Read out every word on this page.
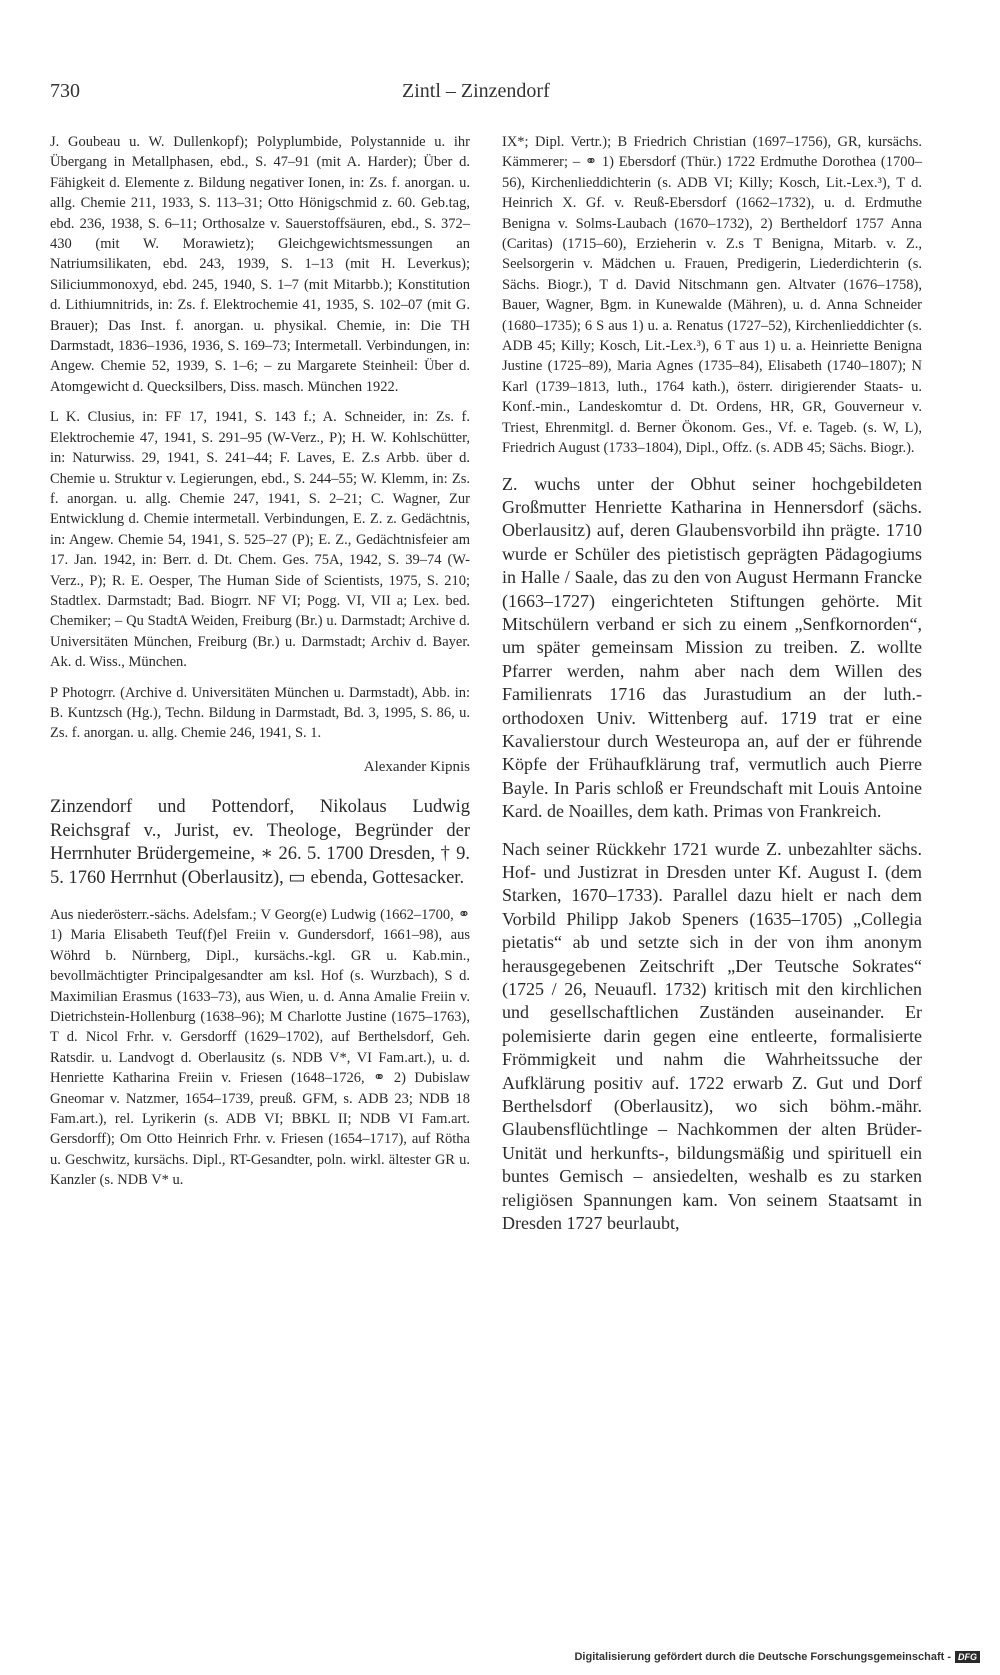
730	Zintl – Zinzendorf

J. Goubeau u. W. Dullenkopf); Polyplumbide, Polystannide u. ihr Übergang in Metallphasen, ebd., S. 47–91 (mit A. Harder); Über d. Fähigkeit d. Elemente z. Bildung negativer Ionen, in: Zs. f. anorgan. u. allg. Chemie 211, 1933, S. 113–31; Otto Hönigschmid z. 60. Geb.tag, ebd. 236, 1938, S. 6–11; Orthosalze v. Sauerstoffsäuren, ebd., S. 372–430 (mit W. Morawietz); Gleichgewichtsmessungen an Natriumsilikaten, ebd. 243, 1939, S. 1–13 (mit H. Leverkus); Siliciummonoxyd, ebd. 245, 1940, S. 1–7 (mit Mitarbb.); Konstitution d. Lithiumnitrids, in: Zs. f. Elektrochemie 41, 1935, S. 102–07 (mit G. Brauer); Das Inst. f. anorgan. u. physikal. Chemie, in: Die TH Darmstadt, 1836–1936, 1936, S. 169–73; Intermetall. Verbindungen, in: Angew. Chemie 52, 1939, S. 1–6; – zu Margarete Steinheil: Über d. Atomgewicht d. Quecksilbers, Diss. masch. München 1922.

L K. Clusius, in: FF 17, 1941, S. 143 f.; A. Schneider, in: Zs. f. Elektrochemie 47, 1941, S. 291–95 (W-Verz., P); H. W. Kohlschütter, in: Naturwiss. 29, 1941, S. 241–44; F. Laves, E. Z.s Arbb. über d. Chemie u. Struktur v. Legierungen, ebd., S. 244–55; W. Klemm, in: Zs. f. anorgan. u. allg. Chemie 247, 1941, S. 2–21; C. Wagner, Zur Entwicklung d. Chemie intermetall. Verbindungen, E. Z. z. Gedächtnis, in: Angew. Chemie 54, 1941, S. 525–27 (P); E. Z., Gedächtnisfeier am 17. Jan. 1942, in: Berr. d. Dt. Chem. Ges. 75A, 1942, S. 39–74 (W-Verz., P); R. E. Oesper, The Human Side of Scientists, 1975, S. 210; Stadtlex. Darmstadt; Bad. Biogrr. NF VI; Pogg. VI, VII a; Lex. bed. Chemiker; – Qu StadtA Weiden, Freiburg (Br.) u. Darmstadt; Archive d. Universitäten München, Freiburg (Br.) u. Darmstadt; Archiv d. Bayer. Ak. d. Wiss., München.

P Photogrr. (Archive d. Universitäten München u. Darmstadt), Abb. in: B. Kuntzsch (Hg.), Techn. Bildung in Darmstadt, Bd. 3, 1995, S. 86, u. Zs. f. anorgan. u. allg. Chemie 246, 1941, S. 1.

Alexander Kipnis

Zinzendorf und Pottendorf, Nikolaus Ludwig Reichsgraf v., Jurist, ev. Theologe, Begründer der Herrnhuter Brüdergemeine, ∗ 26. 5. 1700 Dresden, † 9. 5. 1760 Herrnhut (Oberlausitz), ▭ ebenda, Gottesacker.

Aus niederösterr.-sächs. Adelsfam.; V Georg(e) Ludwig (1662–1700, ⚭ 1) Maria Elisabeth Teuf(f)el Freiin v. Gundersdorf, 1661–98), aus Wöhrd b. Nürnberg, Dipl., kursächs.-kgl. GR u. Kab.min., bevollmächtigter Principalgesandter am ksl. Hof (s. Wurzbach), S d. Maximilian Erasmus (1633–73), aus Wien, u. d. Anna Amalie Freiin v. Dietrichstein-Hollenburg (1638–96); M Charlotte Justine (1675–1763), T d. Nicol Frhr. v. Gersdorff (1629–1702), auf Berthelsdorf, Geh. Ratsdir. u. Landvogt d. Oberlausitz (s. NDB V*, VI Fam.art.), u. d. Henriette Katharina Freiin v. Friesen (1648–1726, ⚭ 2) Dubislaw Gneomar v. Natzmer, 1654–1739, preuß. GFM, s. ADB 23; NDB 18 Fam.art.), rel. Lyrikerin (s. ADB VI; BBKL II; NDB VI Fam.art. Gersdorff); Om Otto Heinrich Frhr. v. Friesen (1654–1717), auf Rötha u. Geschwitz, kursächs. Dipl., RT-Gesandter, poln. wirkl. ältester GR u. Kanzler (s. NDB V* u.

IX*; Dipl. Vertr.); B Friedrich Christian (1697–1756), GR, kursächs. Kämmerer; – ⚭ 1) Ebersdorf (Thür.) 1722 Erdmuthe Dorothea (1700–56), Kirchenlieddichterin (s. ADB VI; Killy; Kosch, Lit.-Lex.³), T d. Heinrich X. Gf. v. Reuß-Ebersdorf (1662–1732), u. d. Erdmuthe Benigna v. Solms-Laubach (1670–1732), 2) Bertheldorf 1757 Anna (Caritas) (1715–60), Erzieherin v. Z.s T Benigna, Mitarb. v. Z., Seelsorgerin v. Mädchen u. Frauen, Predigerin, Liederdichterin (s. Sächs. Biogr.), T d. David Nitschmann gen. Altvater (1676–1758), Bauer, Wagner, Bgm. in Kunewalde (Mähren), u. d. Anna Schneider (1680–1735); 6 S aus 1) u. a. Renatus (1727–52), Kirchenlieddichter (s. ADB 45; Killy; Kosch, Lit.-Lex.³), 6 T aus 1) u. a. Heinriette Benigna Justine (1725–89), Maria Agnes (1735–84), Elisabeth (1740–1807); N Karl (1739–1813, luth., 1764 kath.), österr. dirigierender Staats- u. Konf.-min., Landeskomtur d. Dt. Ordens, HR, GR, Gouverneur v. Triest, Ehrenmitgl. d. Berner Ökonom. Ges., Vf. e. Tageb. (s. W, L), Friedrich August (1733–1804), Dipl., Offz. (s. ADB 45; Sächs. Biogr.).

Z. wuchs unter der Obhut seiner hochgebildeten Großmutter Henriette Katharina in Hennersdorf (sächs. Oberlausitz) auf, deren Glaubensvorbild ihn prägte. 1710 wurde er Schüler des pietistisch geprägten Pädagogiums in Halle / Saale, das zu den von August Hermann Francke (1663–1727) eingerichteten Stiftungen gehörte. Mit Mitschülern verband er sich zu einem „Senfkornorden“, um später gemeinsam Mission zu treiben. Z. wollte Pfarrer werden, nahm aber nach dem Willen des Familienrats 1716 das Jurastudium an der luth.-orthodoxen Univ. Wittenberg auf. 1719 trat er eine Kavalierstour durch Westeuropa an, auf der er führende Köpfe der Frühaufklärung traf, vermutlich auch Pierre Bayle. In Paris schloß er Freundschaft mit Louis Antoine Kard. de Noailles, dem kath. Primas von Frankreich.

Nach seiner Rückkehr 1721 wurde Z. unbezahlter sächs. Hof- und Justizrat in Dresden unter Kf. August I. (dem Starken, 1670–1733). Parallel dazu hielt er nach dem Vorbild Philipp Jakob Speners (1635–1705) „Collegia pietatis“ ab und setzte sich in der von ihm anonym herausgegebenen Zeitschrift „Der Teutsche Sokrates“ (1725 / 26, Neuaufl. 1732) kritisch mit den kirchlichen und gesellschaftlichen Zuständen auseinander. Er polemisierte darin gegen eine entleerte, formalisierte Frömmigkeit und nahm die Wahrheitssuche der Aufklärung positiv auf. 1722 erwarb Z. Gut und Dorf Berthelsdorf (Oberlausitz), wo sich böhm.-mähr. Glaubensflüchtlinge – Nachkommen der alten Brüder-Unität und herkunfts-, bildungsmäßig und spirituell ein buntes Gemisch – ansiedelten, weshalb es zu starken religiösen Spannungen kam. Von seinem Staatsamt in Dresden 1727 beurlaubt,

Digitalisierung gefördert durch die Deutsche Forschungsgemeinschaft - DFG
